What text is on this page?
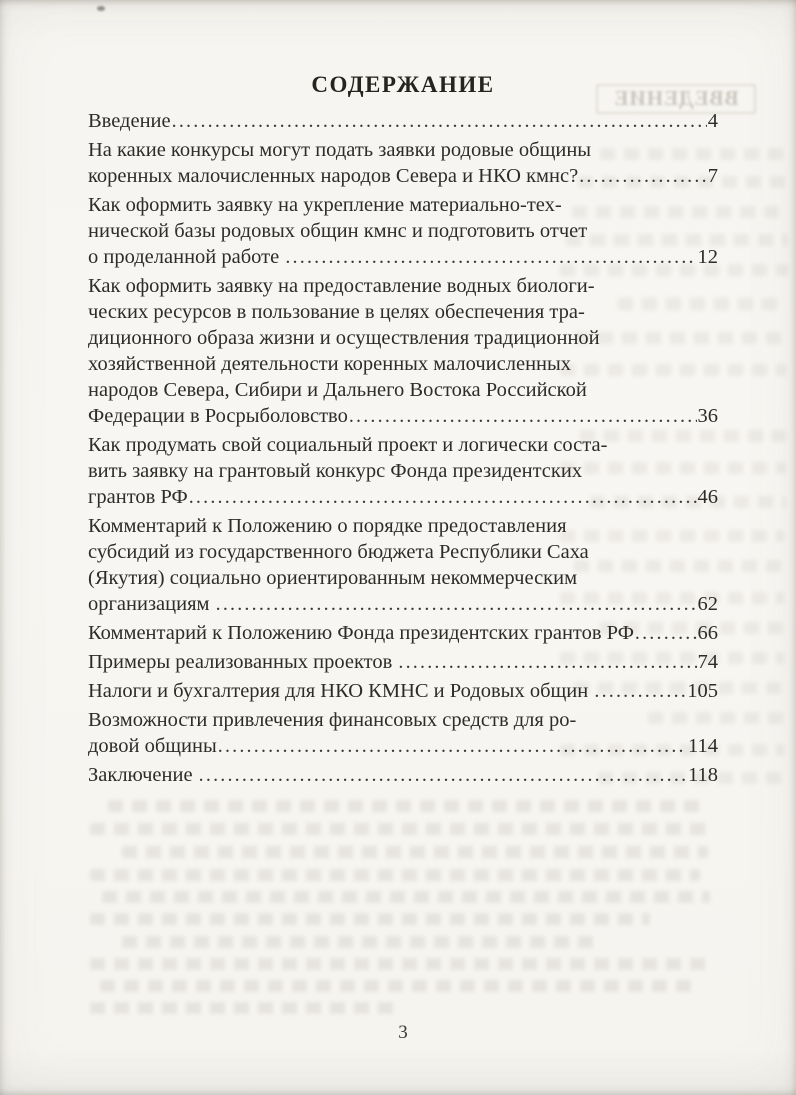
ВВЕДЕНИЕ
СОДЕРЖАНИЕ
Введение .....	4
На какие конкурсы могут подать заявки родовые общины
коренных малочисленных народов Севера и НКО кмнс? .....	7
Как оформить заявку на укрепление материально-тех-
нической базы родовых общин кмнс и подготовить отчет
о проделанной работе .....	12
Как оформить заявку на предоставление водных биологи-
ческих ресурсов в пользование в целях обеспечения тра-
диционного образа жизни и осуществления традиционной
хозяйственной деятельности коренных малочисленных
народов Севера, Сибири и Дальнего Востока Российской
Федерации в Росрыболовство .....	36
Как продумать свой социальный проект и логически соста-
вить заявку на грантовый конкурс Фонда президентских
грантов РФ .....	46
Комментарий к Положению о порядке предоставления
субсидий из государственного бюджета Республики Саха
(Якутия) социально ориентированным некоммерческим
организациям .....	62
Комментарий к Положению Фонда президентских грантов РФ .....	66
Примеры реализованных проектов .....	74
Налоги и бухгалтерия для НКО КМНС и Родовых общин .....	105
Возможности привлечения финансовых средств для ро-
довой общины .....	114
Заключение .....	118
3
